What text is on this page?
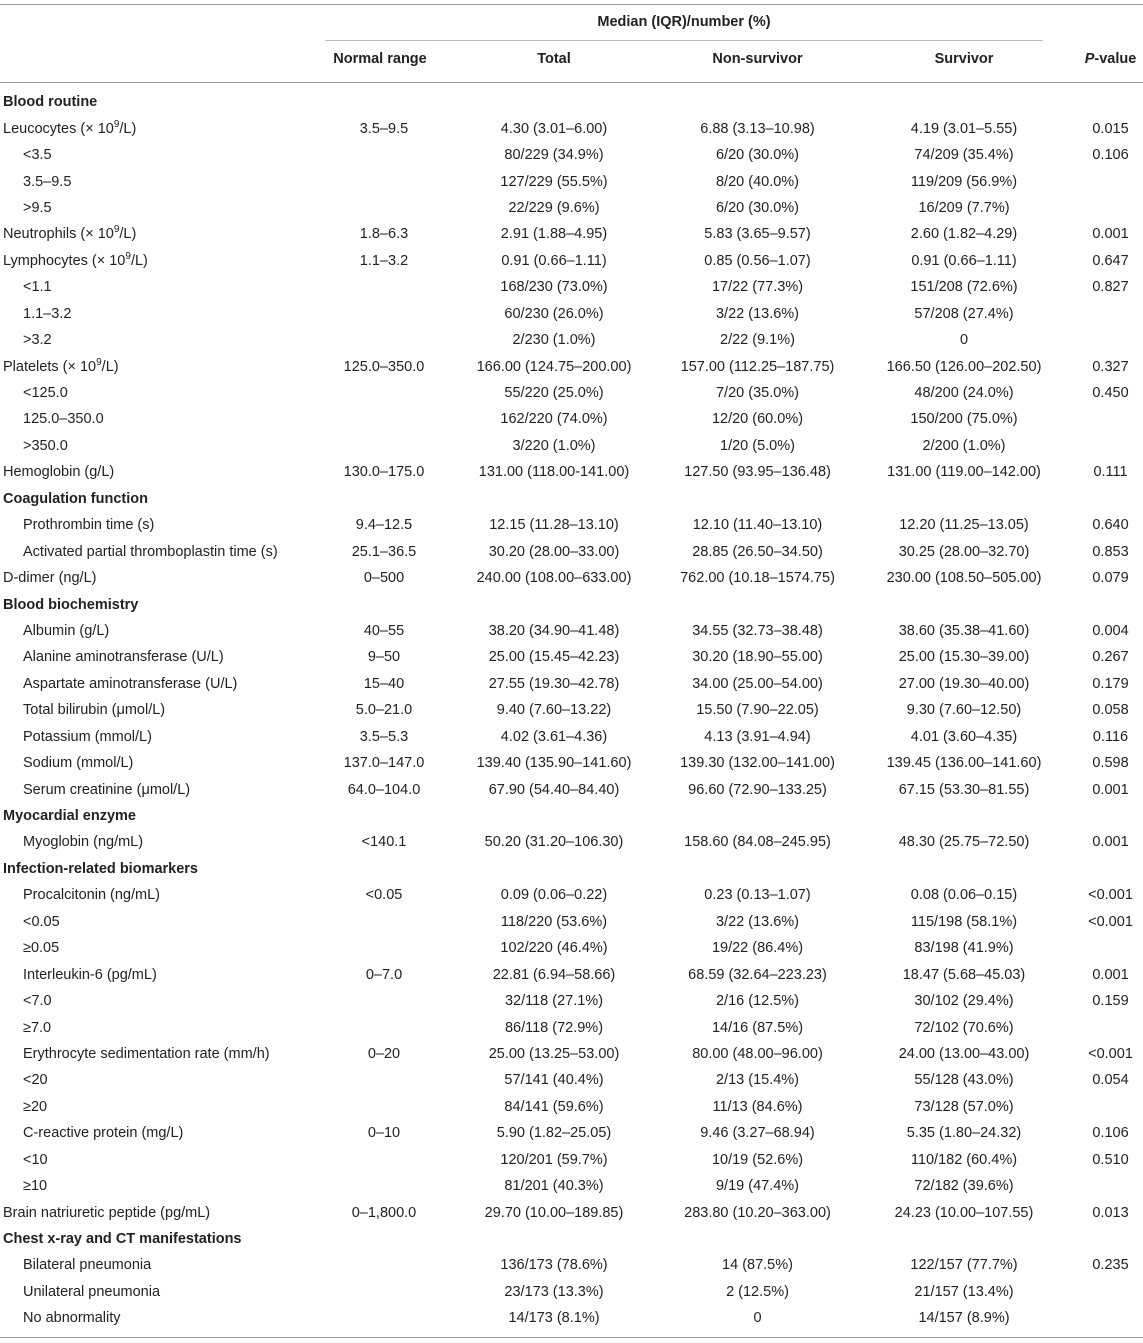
Median (IQR)/number (%)
Normal range	Total	Non-survivor	Survivor	P-value
Blood routine					
Leucocytes (× $10^9/L$)	3.5–9.5	4.30 (3.01–6.00)	6.88 (3.13–10.98)	4.19 (3.01–5.55)	0.015
<3.5		80/229 (34.9%)	6/20 (30.0%)	74/209 (35.4%)	0.106
3.5–9.5		127/229 (55.5%)	8/20 (40.0%)	119/209 (56.9%)	
>9.5		22/229 (9.6%)	6/20 (30.0%)	16/209 (7.7%)	
Neutrophils (× $10^9/L$)	1.8–6.3	2.91 (1.88–4.95)	5.83 (3.65–9.57)	2.60 (1.82–4.29)	0.001
Lymphocytes (× $10^9/L$)	1.1–3.2	0.91 (0.66–1.11)	0.85 (0.56–1.07)	0.91 (0.66–1.11)	0.647
<1.1		168/230 (73.0%)	17/22 (77.3%)	151/208 (72.6%)	0.827
1.1–3.2		60/230 (26.0%)	3/22 (13.6%)	57/208 (27.4%)	
>3.2		2/230 (1.0%)	2/22 (9.1%)	0	
Platelets (× $10^9/L$)	125.0–350.0	166.00 (124.75–200.00)	157.00 (112.25–187.75)	166.50 (126.00–202.50)	0.327
<125.0		55/220 (25.0%)	7/20 (35.0%)	48/200 (24.0%)	0.450
125.0–350.0		162/220 (74.0%)	12/20 (60.0%)	150/200 (75.0%)	
>350.0		3/220 (1.0%)	1/20 (5.0%)	2/200 (1.0%)	
Hemoglobin (g/L)	130.0–175.0	131.00 (118.00-141.00)	127.50 (93.95–136.48)	131.00 (119.00–142.00)	0.111
Coagulation function					
Prothrombin time (s)	9.4–12.5	12.15 (11.28–13.10)	12.10 (11.40–13.10)	12.20 (11.25–13.05)	0.640
Activated partial thromboplastin time (s)	25.1–36.5	30.20 (28.00–33.00)	28.85 (26.50–34.50)	30.25 (28.00–32.70)	0.853
D-dimer (ng/L)	0–500	240.00 (108.00–633.00)	762.00 (10.18–1574.75)	230.00 (108.50–505.00)	0.079
Blood biochemistry					
Albumin (g/L)	40–55	38.20 (34.90–41.48)	34.55 (32.73–38.48)	38.60 (35.38–41.60)	0.004
Alanine aminotransferase (U/L)	9–50	25.00 (15.45–42.23)	30.20 (18.90–55.00)	25.00 (15.30–39.00)	0.267
Aspartate aminotransferase (U/L)	15–40	27.55 (19.30–42.78)	34.00 (25.00–54.00)	27.00 (19.30–40.00)	0.179
Total bilirubin (μmol/L)	5.0–21.0	9.40 (7.60–13.22)	15.50 (7.90–22.05)	9.30 (7.60–12.50)	0.058
Potassium (mmol/L)	3.5–5.3	4.02 (3.61–4.36)	4.13 (3.91–4.94)	4.01 (3.60–4.35)	0.116
Sodium (mmol/L)	137.0–147.0	139.40 (135.90–141.60)	139.30 (132.00–141.00)	139.45 (136.00–141.60)	0.598
Serum creatinine (μmol/L)	64.0–104.0	67.90 (54.40–84.40)	96.60 (72.90–133.25)	67.15 (53.30–81.55)	0.001
Myocardial enzyme					
Myoglobin (ng/mL)	<140.1	50.20 (31.20–106.30)	158.60 (84.08–245.95)	48.30 (25.75–72.50)	0.001
Infection-related biomarkers					
Procalcitonin (ng/mL)	<0.05	0.09 (0.06–0.22)	0.23 (0.13–1.07)	0.08 (0.06–0.15)	<0.001
<0.05		118/220 (53.6%)	3/22 (13.6%)	115/198 (58.1%)	<0.001
≥0.05		102/220 (46.4%)	19/22 (86.4%)	83/198 (41.9%)	
Interleukin-6 (pg/mL)	0–7.0	22.81 (6.94–58.66)	68.59 (32.64–223.23)	18.47 (5.68–45.03)	0.001
<7.0		32/118 (27.1%)	2/16 (12.5%)	30/102 (29.4%)	0.159
≥7.0		86/118 (72.9%)	14/16 (87.5%)	72/102 (70.6%)	
Erythrocyte sedimentation rate (mm/h)	0–20	25.00 (13.25–53.00)	80.00 (48.00–96.00)	24.00 (13.00–43.00)	<0.001
<20		57/141 (40.4%)	2/13 (15.4%)	55/128 (43.0%)	0.054
≥20		84/141 (59.6%)	11/13 (84.6%)	73/128 (57.0%)	
C-reactive protein (mg/L)	0–10	5.90 (1.82–25.05)	9.46 (3.27–68.94)	5.35 (1.80–24.32)	0.106
<10		120/201 (59.7%)	10/19 (52.6%)	110/182 (60.4%)	0.510
≥10		81/201 (40.3%)	9/19 (47.4%)	72/182 (39.6%)	
Brain natriuretic peptide (pg/mL)	0–1,800.0	29.70 (10.00–189.85)	283.80 (10.20–363.00)	24.23 (10.00–107.55)	0.013
Chest x-ray and CT manifestations					
Bilateral pneumonia		136/173 (78.6%)	14 (87.5%)	122/157 (77.7%)	0.235
Unilateral pneumonia		23/173 (13.3%)	2 (12.5%)	21/157 (13.4%)	
No abnormality		14/173 (8.1%)	0	14/157 (8.9%)	
